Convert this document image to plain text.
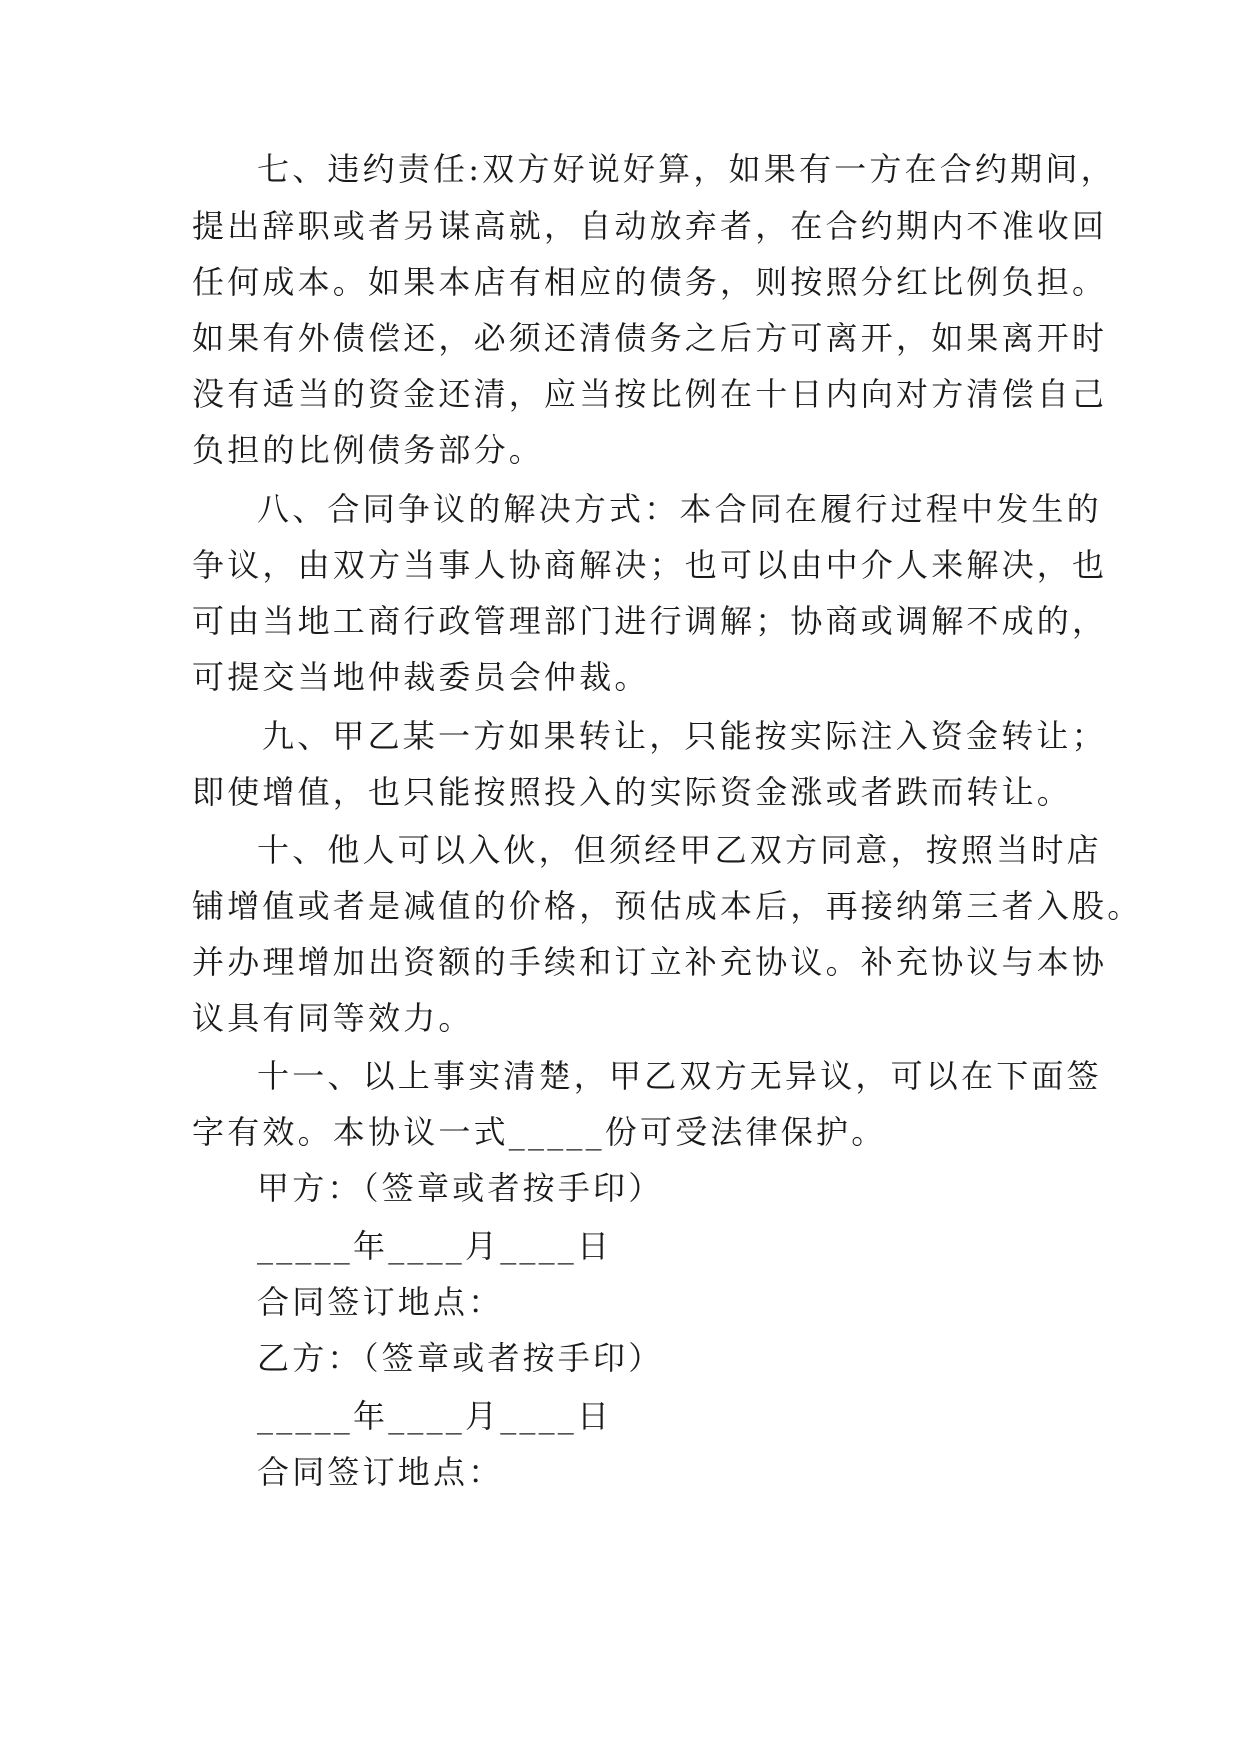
七、违约责任:双方好说好算，如果有一方在合约期间，
提出辞职或者另谋高就，自动放弃者，在合约期内不准收回
任何成本。如果本店有相应的债务，则按照分红比例负担。
如果有外债偿还，必须还清债务之后方可离开，如果离开时
没有适当的资金还清，应当按比例在十日内向对方清偿自己
负担的比例债务部分。
八、合同争议的解决方式：本合同在履行过程中发生的
争议，由双方当事人协商解决；也可以由中介人来解决，也
可由当地工商行政管理部门进行调解；协商或调解不成的，
可提交当地仲裁委员会仲裁。
九、甲乙某一方如果转让，只能按实际注入资金转让；
即使增值，也只能按照投入的实际资金涨或者跌而转让。
十、他人可以入伙，但须经甲乙双方同意，按照当时店
铺增值或者是减值的价格，预估成本后，再接纳第三者入股。
并办理增加出资额的手续和订立补充协议。补充协议与本协
议具有同等效力。
十一、以上事实清楚，甲乙双方无异议，可以在下面签
字有效。本协议一式_____份可受法律保护。
甲方：（签章或者按手印）
_____年____月____日
合同签订地点：
乙方：（签章或者按手印）
_____年____月____日
合同签订地点：
